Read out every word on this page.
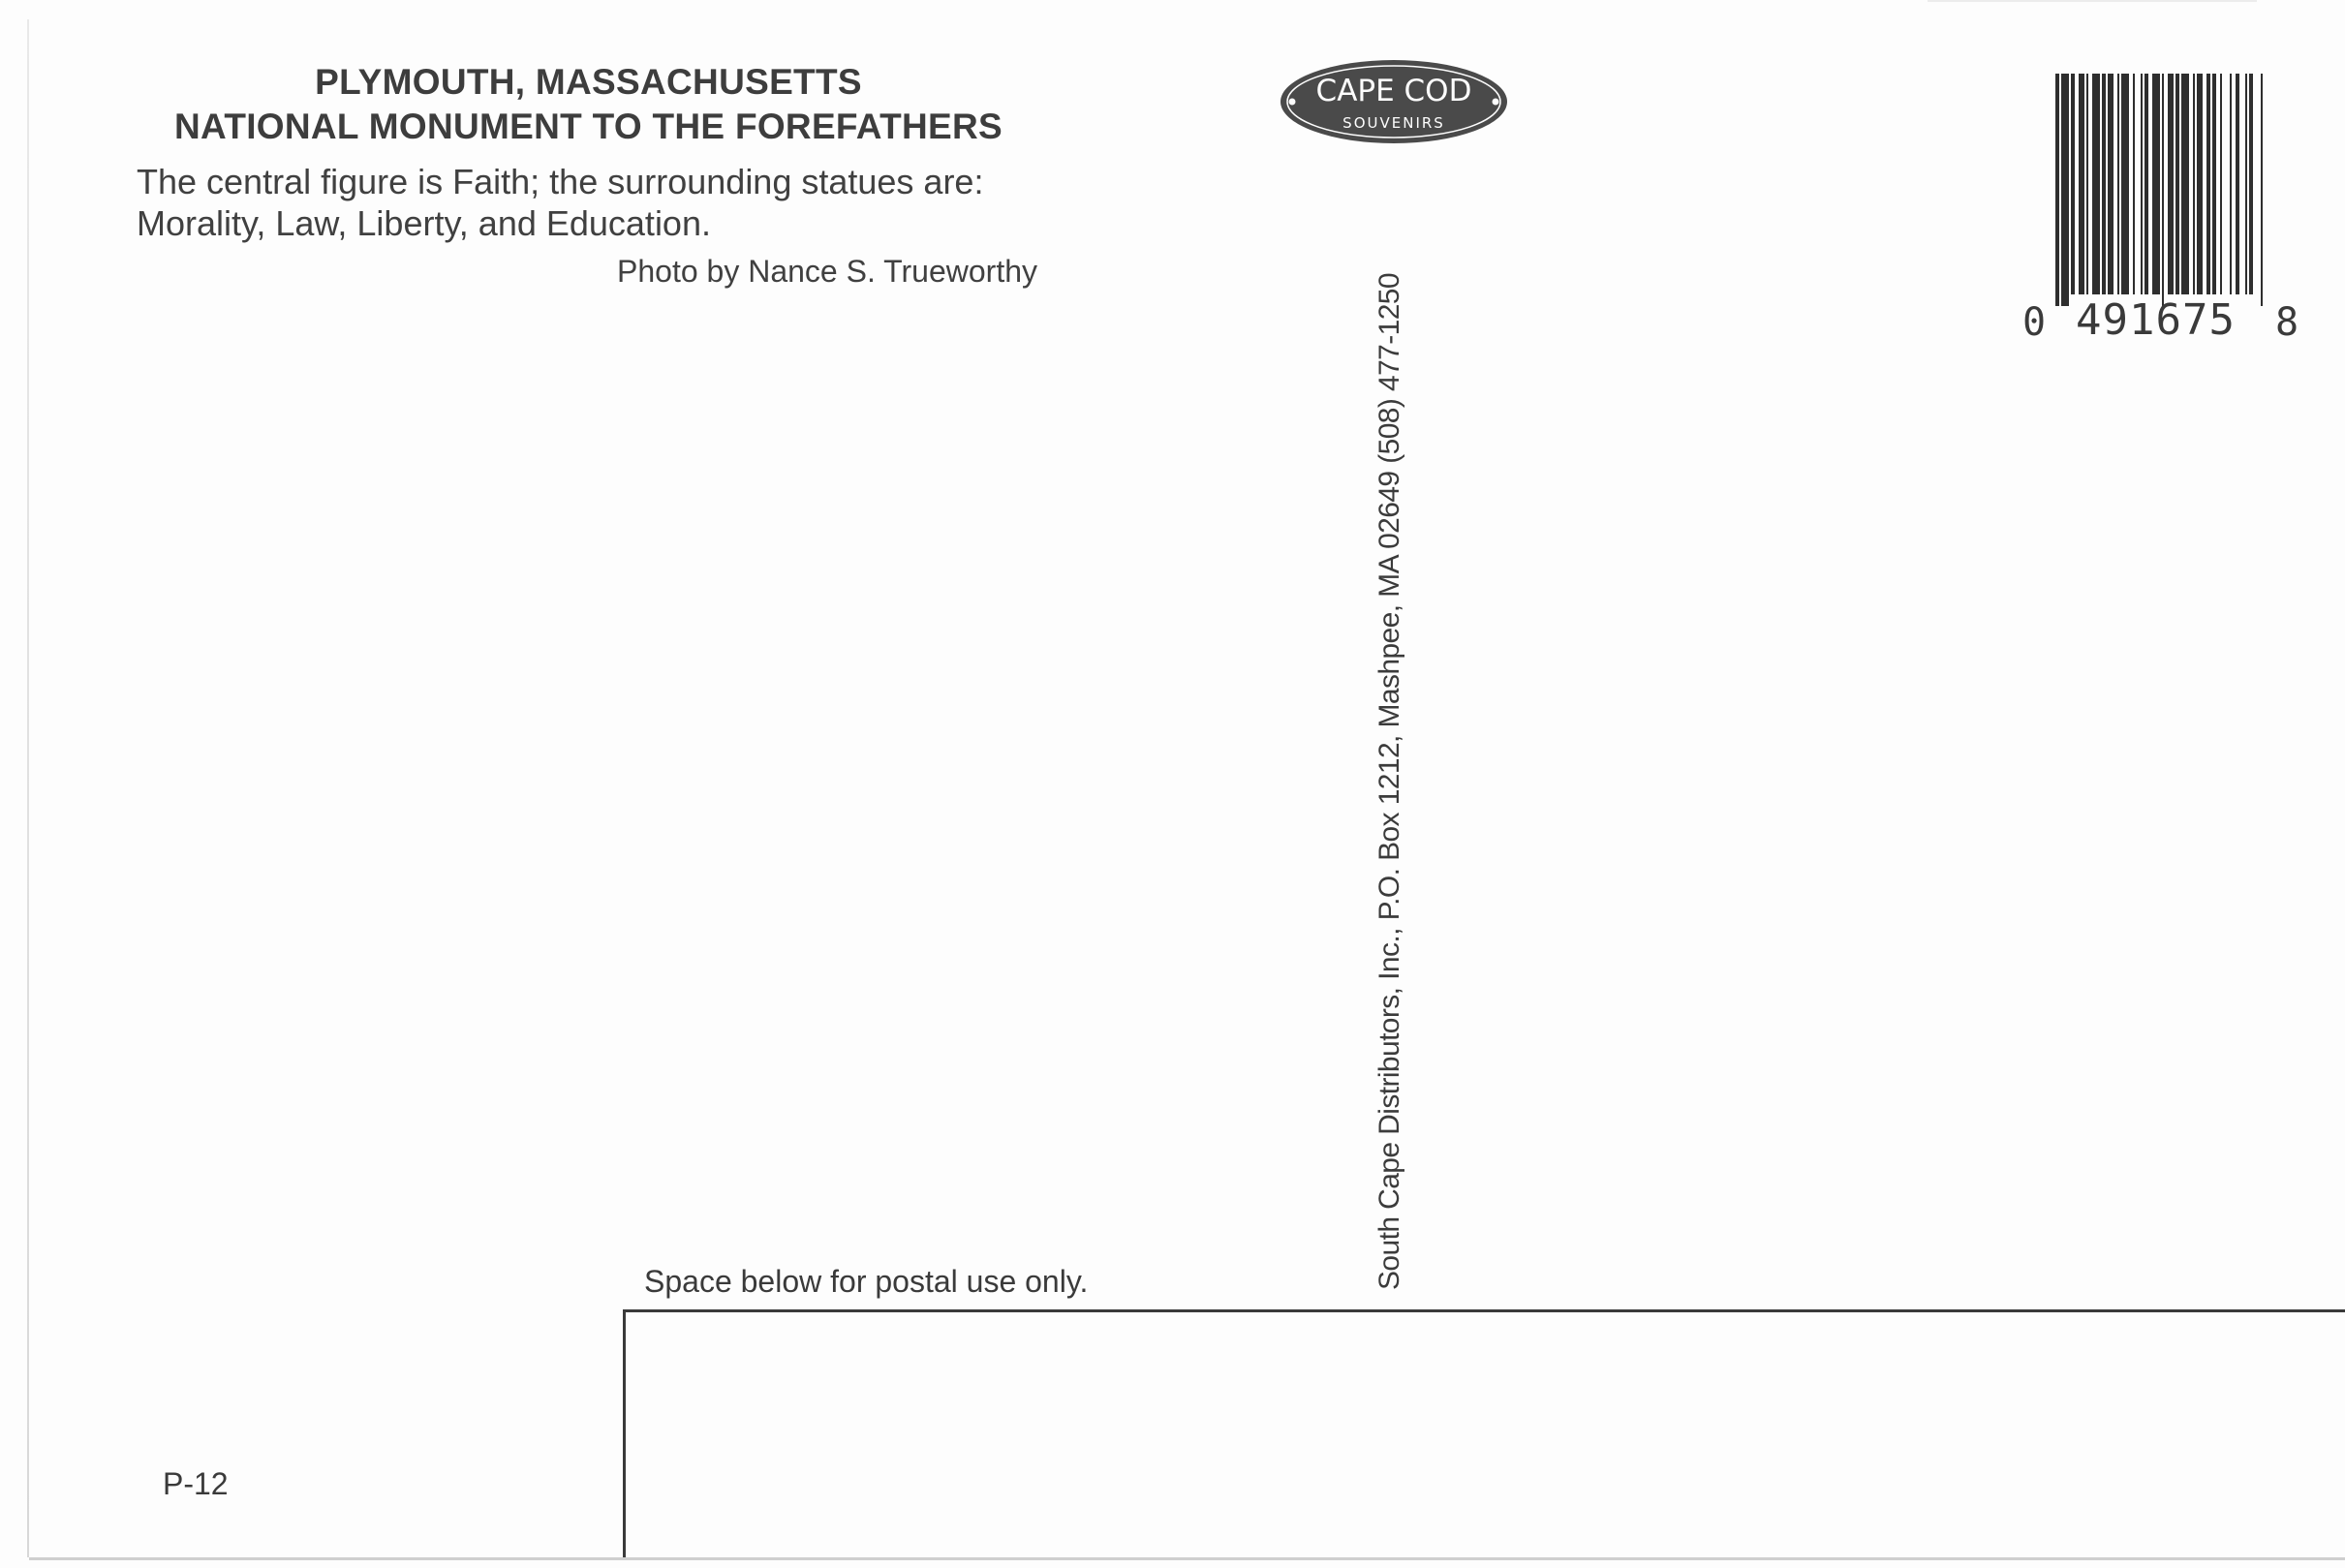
PLYMOUTH, MASSACHUSETTS
NATIONAL MONUMENT TO THE FOREFATHERS
The central figure is Faith; the surrounding statues are:
Morality, Law, Liberty, and Education.
Photo by Nance S. Trueworthy
CAPE COD
SOUVENIRS
0 491675 8
South Cape Distributors, Inc., P.O. Box 1212, Mashpee, MA 02649 (508) 477-1250
Space below for postal use only.
P-12
